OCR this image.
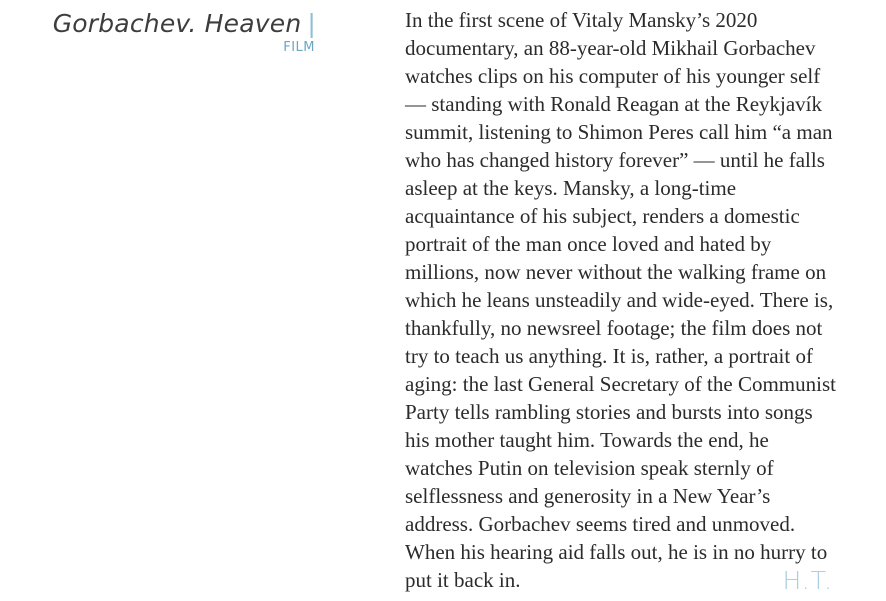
Gorbachev. Heaven |
FILM

In the first scene of Vitaly Mansky’s 2020 documentary, an 88-year-old Mikhail Gorbachev watches clips on his computer of his younger self — standing with Ronald Reagan at the Reykjavík summit, listening to Shimon Peres call him “a man who has changed history forever” — until he falls asleep at the keys. Mansky, a long-time acquaintance of his subject, renders a domestic portrait of the man once loved and hated by millions, now never without the walking frame on which he leans unsteadily and wide-eyed. There is, thankfully, no newsreel footage; the film does not try to teach us anything. It is, rather, a portrait of aging: the last General Secretary of the Communist Party tells rambling stories and bursts into songs his mother taught him. Towards the end, he watches Putin on television speak sternly of selflessness and generosity in a New Year’s address. Gorbachev seems tired and unmoved. When his hearing aid falls out, he is in no hurry to put it back in.	H.T.
